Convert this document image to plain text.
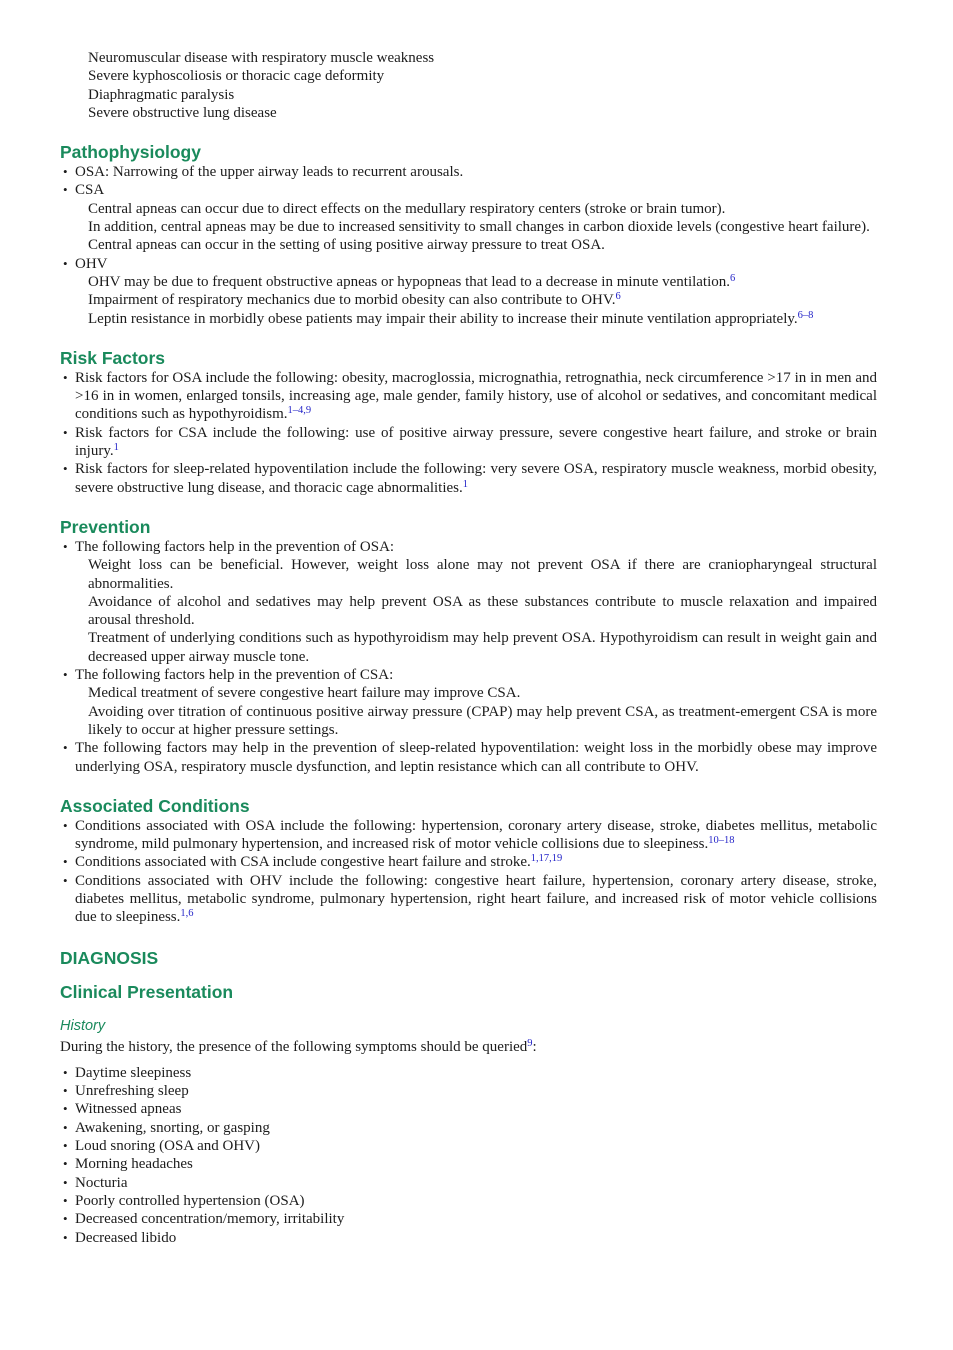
Neuromuscular disease with respiratory muscle weakness
Severe kyphoscoliosis or thoracic cage deformity
Diaphragmatic paralysis
Severe obstructive lung disease
Pathophysiology
• OSA: Narrowing of the upper airway leads to recurrent arousals.
• CSA
Central apneas can occur due to direct effects on the medullary respiratory centers (stroke or brain tumor).
In addition, central apneas may be due to increased sensitivity to small changes in carbon dioxide levels (congestive heart failure).
Central apneas can occur in the setting of using positive airway pressure to treat OSA.
• OHV
OHV may be due to frequent obstructive apneas or hypopneas that lead to a decrease in minute ventilation.$^6$
Impairment of respiratory mechanics due to morbid obesity can also contribute to OHV.$^6$
Leptin resistance in morbidly obese patients may impair their ability to increase their minute ventilation appropriately.$^{6-8}$
Risk Factors
• Risk factors for OSA include the following: obesity, macroglossia, micrognathia, retrognathia, neck circumference >17 in in men and >16 in in women, enlarged tonsils, increasing age, male gender, family history, use of alcohol or sedatives, and concomitant medical conditions such as hypothyroidism.$^{1-4,9}$
• Risk factors for CSA include the following: use of positive airway pressure, severe congestive heart failure, and stroke or brain injury.$^1$
• Risk factors for sleep-related hypoventilation include the following: very severe OSA, respiratory muscle weakness, morbid obesity, severe obstructive lung disease, and thoracic cage abnormalities.$^1$
Prevention
• The following factors help in the prevention of OSA:
Weight loss can be beneficial. However, weight loss alone may not prevent OSA if there are craniopharyngeal structural abnormalities.
Avoidance of alcohol and sedatives may help prevent OSA as these substances contribute to muscle relaxation and impaired arousal threshold.
Treatment of underlying conditions such as hypothyroidism may help prevent OSA. Hypothyroidism can result in weight gain and decreased upper airway muscle tone.
• The following factors help in the prevention of CSA:
Medical treatment of severe congestive heart failure may improve CSA.
Avoiding over titration of continuous positive airway pressure (CPAP) may help prevent CSA, as treatment-emergent CSA is more likely to occur at higher pressure settings.
• The following factors may help in the prevention of sleep-related hypoventilation: weight loss in the morbidly obese may improve underlying OSA, respiratory muscle dysfunction, and leptin resistance which can all contribute to OHV.
Associated Conditions
• Conditions associated with OSA include the following: hypertension, coronary artery disease, stroke, diabetes mellitus, metabolic syndrome, mild pulmonary hypertension, and increased risk of motor vehicle collisions due to sleepiness.$^{10-18}$
• Conditions associated with CSA include congestive heart failure and stroke.$^{1,17,19}$
• Conditions associated with OHV include the following: congestive heart failure, hypertension, coronary artery disease, stroke, diabetes mellitus, metabolic syndrome, pulmonary hypertension, right heart failure, and increased risk of motor vehicle collisions due to sleepiness.$^{1,6}$
DIAGNOSIS
Clinical Presentation
History
During the history, the presence of the following symptoms should be queried$^9$:
• Daytime sleepiness
• Unrefreshing sleep
• Witnessed apneas
• Awakening, snorting, or gasping
• Loud snoring (OSA and OHV)
• Morning headaches
• Nocturia
• Poorly controlled hypertension (OSA)
• Decreased concentration/memory, irritability
• Decreased libido
